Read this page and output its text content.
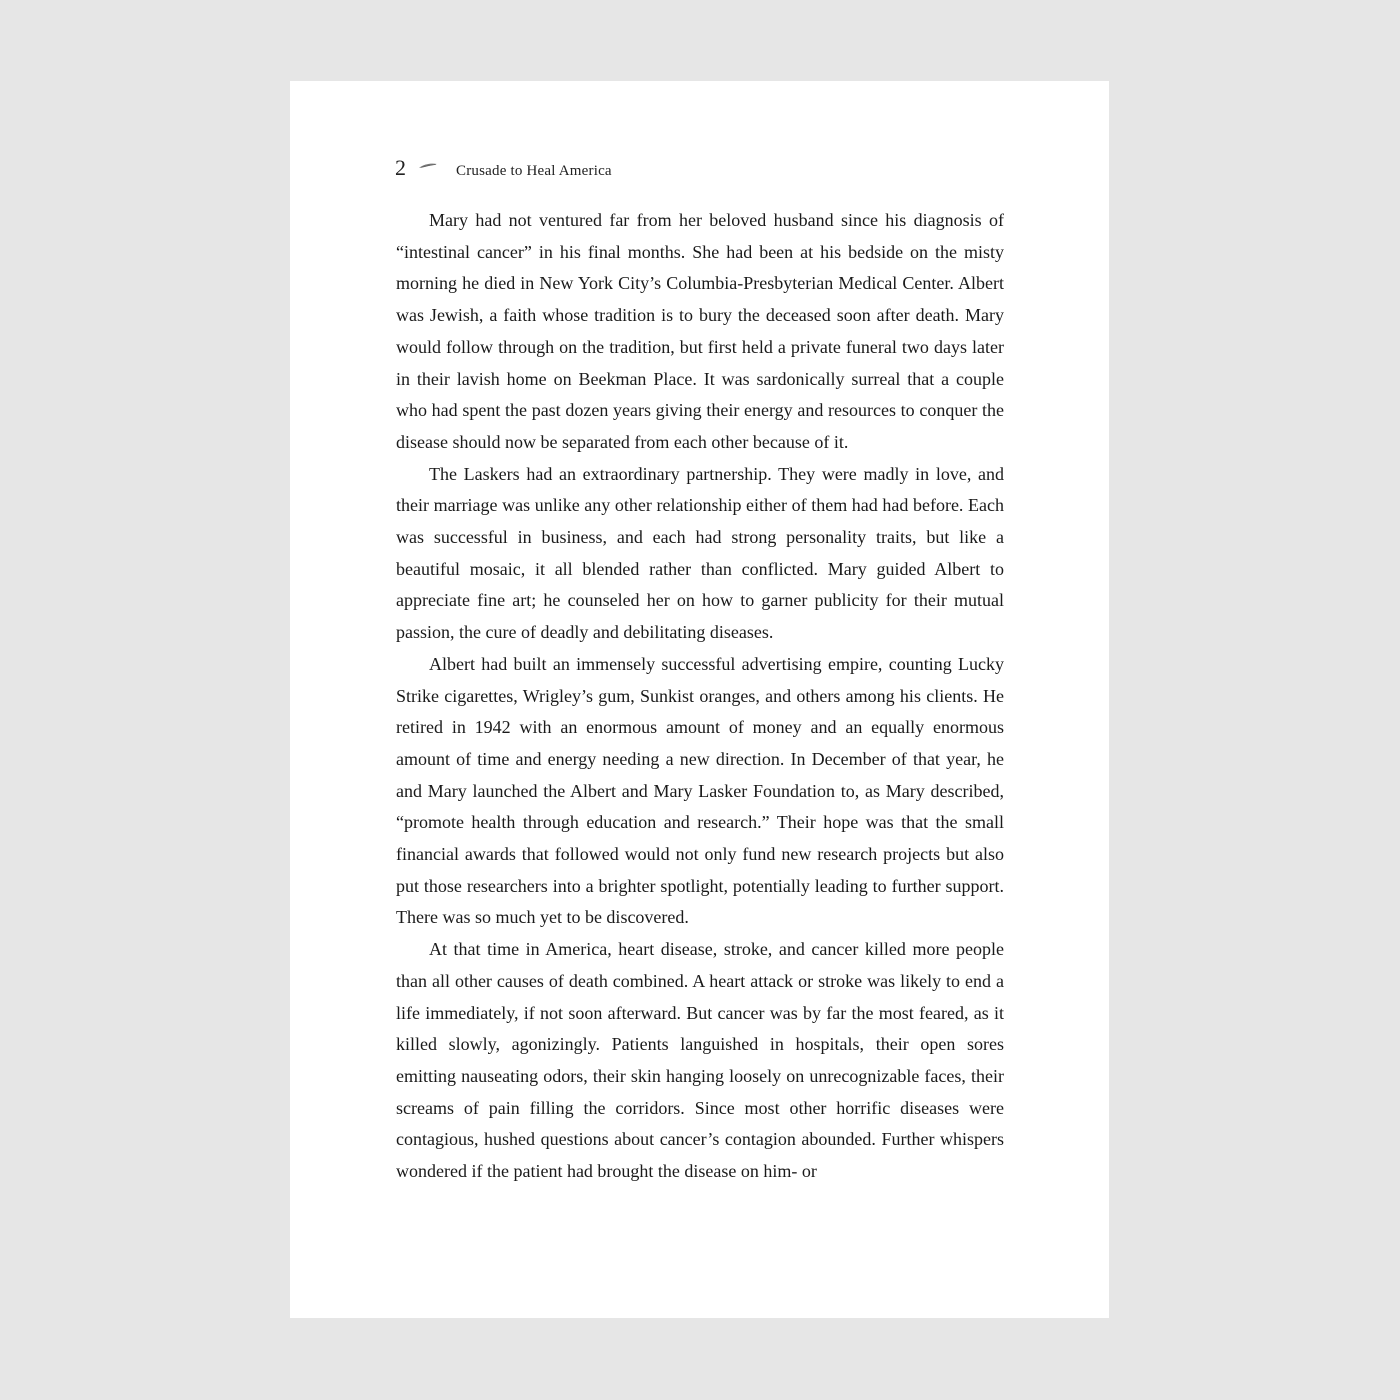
2	Crusade to Heal America

Mary had not ventured far from her beloved husband since his diagnosis of “intestinal cancer” in his final months. She had been at his bedside on the misty morning he died in New York City’s Columbia-Presbyterian Medical Center. Albert was Jewish, a faith whose tradition is to bury the deceased soon after death. Mary would follow through on the tradition, but first held a private funeral two days later in their lavish home on Beekman Place. It was sardonically surreal that a couple who had spent the past dozen years giving their energy and resources to conquer the disease should now be separated from each other because of it.

The Laskers had an extraordinary partnership. They were madly in love, and their marriage was unlike any other relationship either of them had had before. Each was successful in business, and each had strong personality traits, but like a beautiful mosaic, it all blended rather than conflicted. Mary guided Albert to appreciate fine art; he counseled her on how to garner publicity for their mutual passion, the cure of deadly and debilitating diseases.

Albert had built an immensely successful advertising empire, counting Lucky Strike cigarettes, Wrigley’s gum, Sunkist oranges, and others among his clients. He retired in 1942 with an enormous amount of money and an equally enormous amount of time and energy needing a new direction. In December of that year, he and Mary launched the Albert and Mary Lasker Foundation to, as Mary described, “promote health through education and research.” Their hope was that the small financial awards that followed would not only fund new research projects but also put those researchers into a brighter spotlight, potentially leading to further support. There was so much yet to be discovered.

At that time in America, heart disease, stroke, and cancer killed more people than all other causes of death combined. A heart attack or stroke was likely to end a life immediately, if not soon afterward. But cancer was by far the most feared, as it killed slowly, agonizingly. Patients languished in hospitals, their open sores emitting nauseating odors, their skin hanging loosely on unrecognizable faces, their screams of pain filling the corridors. Since most other horrific diseases were contagious, hushed questions about cancer’s contagion abounded. Further whispers wondered if the patient had brought the disease on him- or
